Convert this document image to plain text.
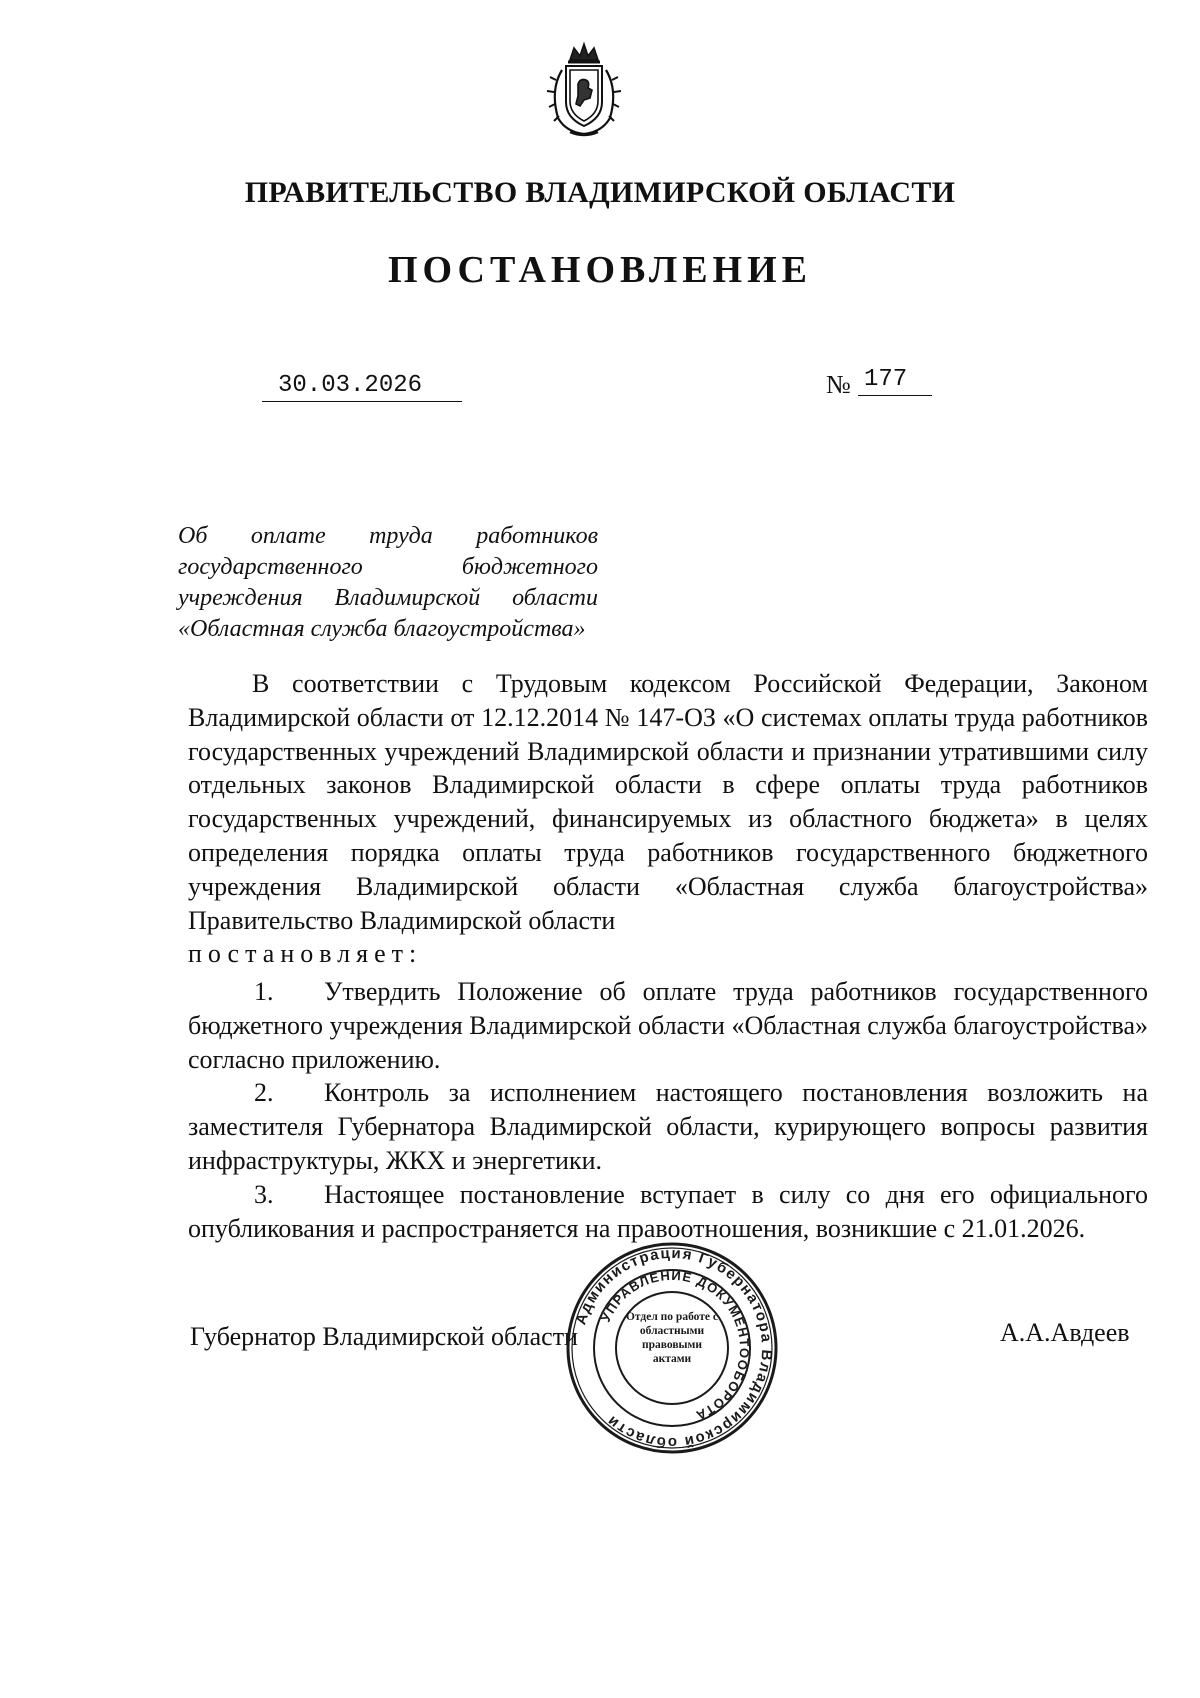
ПРАВИТЕЛЬСТВО ВЛАДИМИРСКОЙ ОБЛАСТИ
ПОСТАНОВЛЕНИЕ
30.03.2026	№ 177
Об оплате труда работников
государственного бюджетного
учреждения Владимирской области
«Областная служба благоустройства»
В соответствии с Трудовым кодексом Российской Федерации, Законом Владимирской области от 12.12.2014 № 147-ОЗ «О системах оплаты труда работников государственных учреждений Владимирской области и признании утратившими силу отдельных законов Владимирской области в сфере оплаты труда работников государственных учреждений, финансируемых из областного бюджета» в целях определения порядка оплаты труда работников государственного бюджетного учреждения Владимирской области «Областная служба благоустройства» Правительство Владимирской области
постановляет:
1. Утвердить Положение об оплате труда работников государственного бюджетного учреждения Владимирской области «Областная служба благоустройства» согласно приложению.
2. Контроль за исполнением настоящего постановления возложить на заместителя Губернатора Владимирской области, курирующего вопросы развития инфраструктуры, ЖКХ и энергетики.
3. Настоящее постановление вступает в силу со дня его официального опубликования и распространяется на правоотношения, возникшие с 21.01.2026.
Губернатор Владимирской области	А.А.Авдеев
Администрация Губернатора Владимирской области
УПРАВЛЕНИЕ ДОКУМЕНТООБОРОТА
Отдел по работе с областными правовыми актами
